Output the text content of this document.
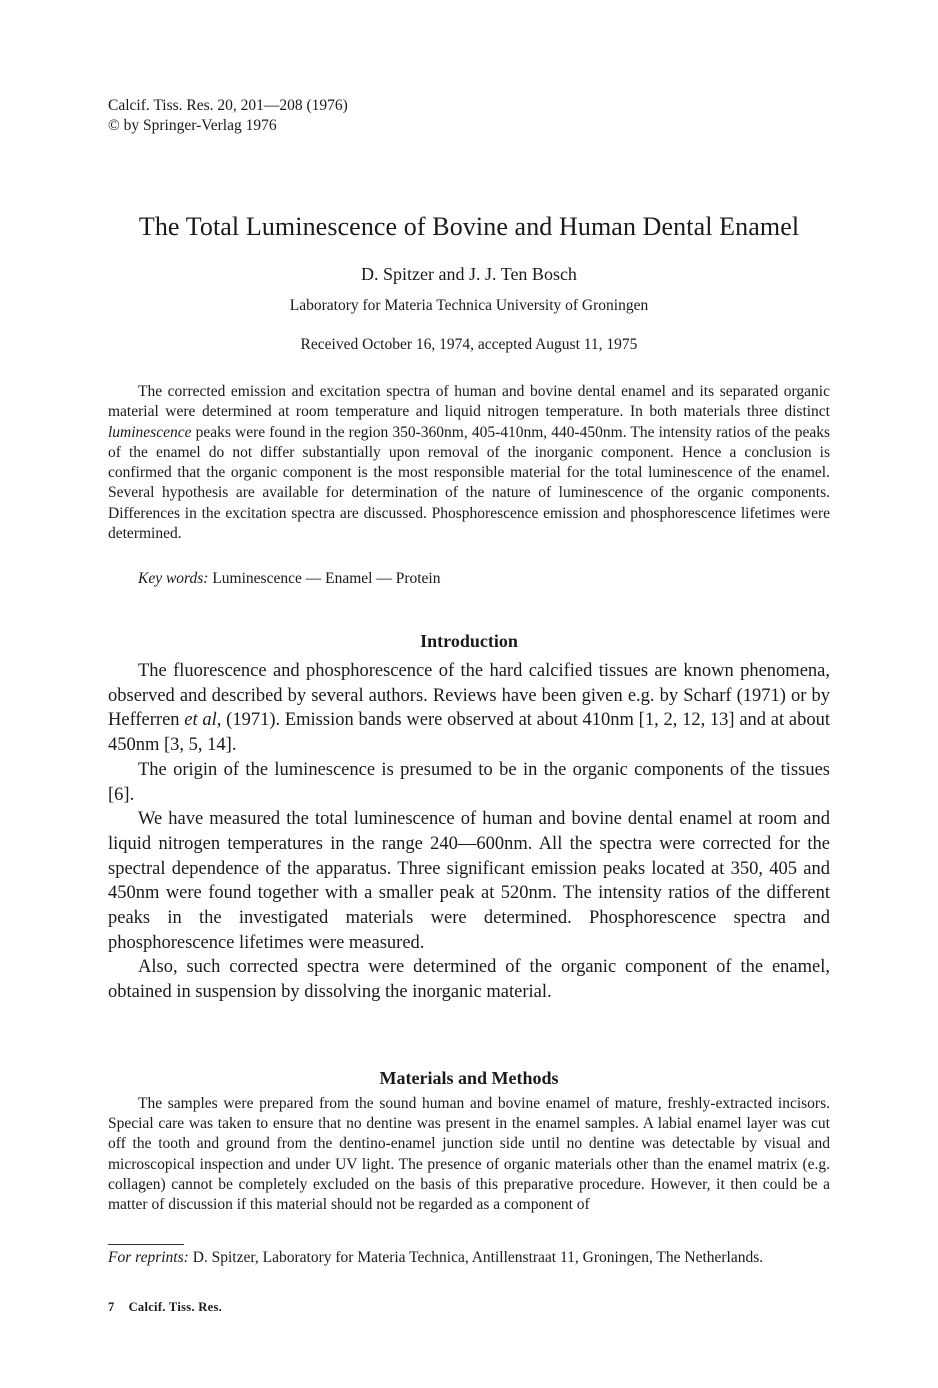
Calcif. Tiss. Res. 20, 201—208 (1976)
© by Springer-Verlag 1976
The Total Luminescence of Bovine and Human Dental Enamel
D. Spitzer and J. J. Ten Bosch
Laboratory for Materia Technica University of Groningen
Received October 16, 1974, accepted August 11, 1975

The corrected emission and excitation spectra of human and bovine dental enamel and its separated organic material were determined at room temperature and liquid nitrogen temperature. In both materials three distinct luminescence peaks were found in the region 350-360nm, 405-410nm, 440-450nm. The intensity ratios of the peaks of the enamel do not differ substantially upon removal of the inorganic component. Hence a conclusion is confirmed that the organic component is the most responsible material for the total luminescence of the enamel. Several hypothesis are available for determination of the nature of luminescence of the organic components. Differences in the excitation spectra are discussed. Phosphorescence emission and phosphorescence lifetimes were determined.

Key words: Luminescence — Enamel — Protein
Introduction

The fluorescence and phosphorescence of the hard calcified tissues are known phenomena, observed and described by several authors. Reviews have been given e.g. by Scharf (1971) or by Hefferren et al, (1971). Emission bands were observed at about 410nm [1, 2, 12, 13] and at about 450nm [3, 5, 14].

The origin of the luminescence is presumed to be in the organic components of the tissues [6].

We have measured the total luminescence of human and bovine dental enamel at room and liquid nitrogen temperatures in the range 240—600nm. All the spectra were corrected for the spectral dependence of the apparatus. Three significant emission peaks located at 350, 405 and 450nm were found together with a smaller peak at 520nm. The intensity ratios of the different peaks in the investigated materials were determined. Phosphorescence spectra and phosphorescence lifetimes were measured.

Also, such corrected spectra were determined of the organic component of the enamel, obtained in suspension by dissolving the inorganic material.

Materials and Methods

The samples were prepared from the sound human and bovine enamel of mature, freshly-extracted incisors. Special care was taken to ensure that no dentine was present in the enamel samples. A labial enamel layer was cut off the tooth and ground from the dentino-enamel junction side until no dentine was detectable by visual and microscopical inspection and under UV light. The presence of organic materials other than the enamel matrix (e.g. collagen) cannot be completely excluded on the basis of this preparative procedure. However, it then could be a matter of discussion if this material should not be regarded as a component of

For reprints: D. Spitzer, Laboratory for Materia Technica, Antillenstraat 11, Groningen, The Netherlands.
7 Calcif. Tiss. Res.
